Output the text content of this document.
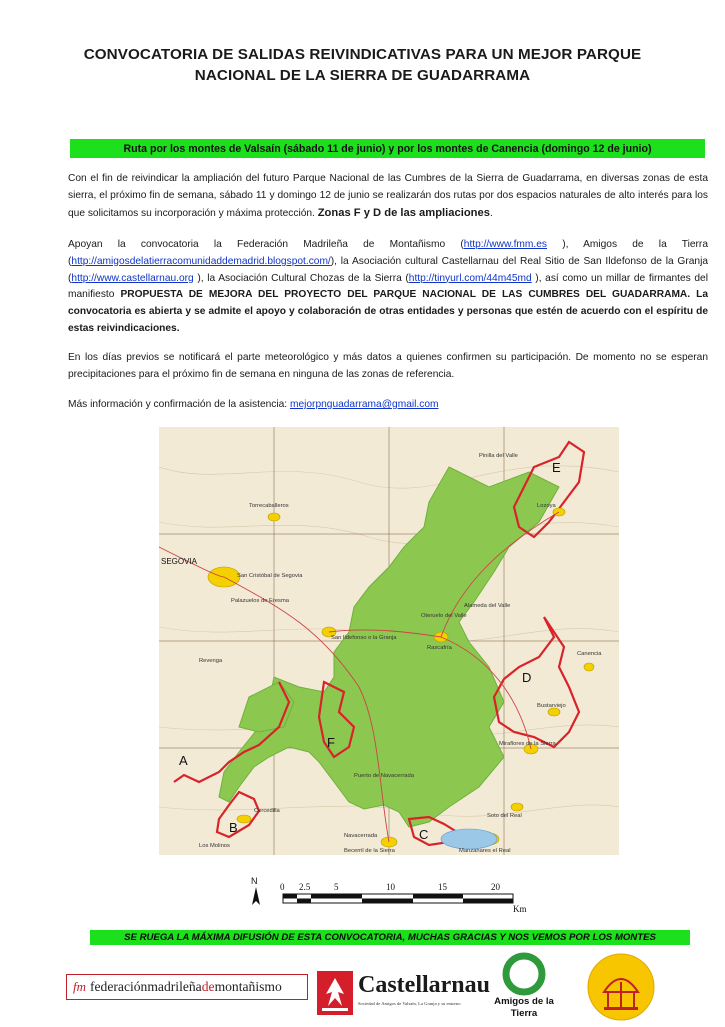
CONVOCATORIA DE SALIDAS REIVINDICATIVAS PARA UN MEJOR PARQUE NACIONAL DE LA SIERRA DE GUADARRAMA
Ruta por los montes de Valsaín (sábado 11 de junio) y por los montes de Canencia (domingo 12 de junio)
Con el fin de reivindicar la ampliación del futuro Parque Nacional de las Cumbres de la Sierra de Guadarrama, en diversas zonas de esta sierra, el próximo fin de semana, sábado 11 y domingo 12 de junio se realizarán dos rutas por dos espacios naturales de alto interés para los que solicitamos su incorporación y máxima protección. Zonas F y D de las ampliaciones.
Apoyan la convocatoria la Federación Madrileña de Montañismo (http://www.fmm.es ), Amigos de la Tierra (http://amigosdelatierracomunidaddemadrid.blogspot.com/), la Asociación cultural Castellarnau del Real Sitio de San Ildefonso de la Granja (http://www.castellarnau.org ), la Asociación Cultural Chozas de la Sierra (http://tinyurl.com/44m45md ), así como un millar de firmantes del manifiesto PROPUESTA DE MEJORA DEL PROYECTO DEL PARQUE NACIONAL DE LAS CUMBRES DEL GUADARRAMA. La convocatoria es abierta y se admite el apoyo y colaboración de otras entidades y personas que estén de acuerdo con el espíritu de estas reivindicaciones.
En los días previos se notificará el parte meteorológico y más datos a quienes confirmen su participación. De momento no se esperan precipitaciones para el próximo fin de semana en ninguna de las zonas de referencia.
Más información y confirmación de la asistencia: mejorpnguadarrama@gmail.com
A
B	C
D
E
F
SEGOVIA
San Cristóbal de Segovia
Palazuelos de Eresma
San Ildefonso o la Granja
Rascafría
Oteruelo del Valle
Alameda del Valle
Bustarviejo
Miraflores de la Sierra
Soto del Real
Manzanares el Real
Navacerrada
Becerril de la Sierra
Cercedilla
Los Molinos
Lozoya
Pinilla del Valle
Canencia
Torrecaballeros
Revenga
Puerto de Navacerrada
N
0 2.5	5	10	15	20
Km
SE RUEGA LA MÁXIMA DIFUSIÓN DE ESTA CONVOCATORIA, MUCHAS GRACIAS Y NOS VEMOS POR LOS MONTES
fm federaciónmadrileñademontañismo	Castellarnau
Sociedad de Amigos de Valsaín, La Granja y su entorno	Amigos de la Tierra
